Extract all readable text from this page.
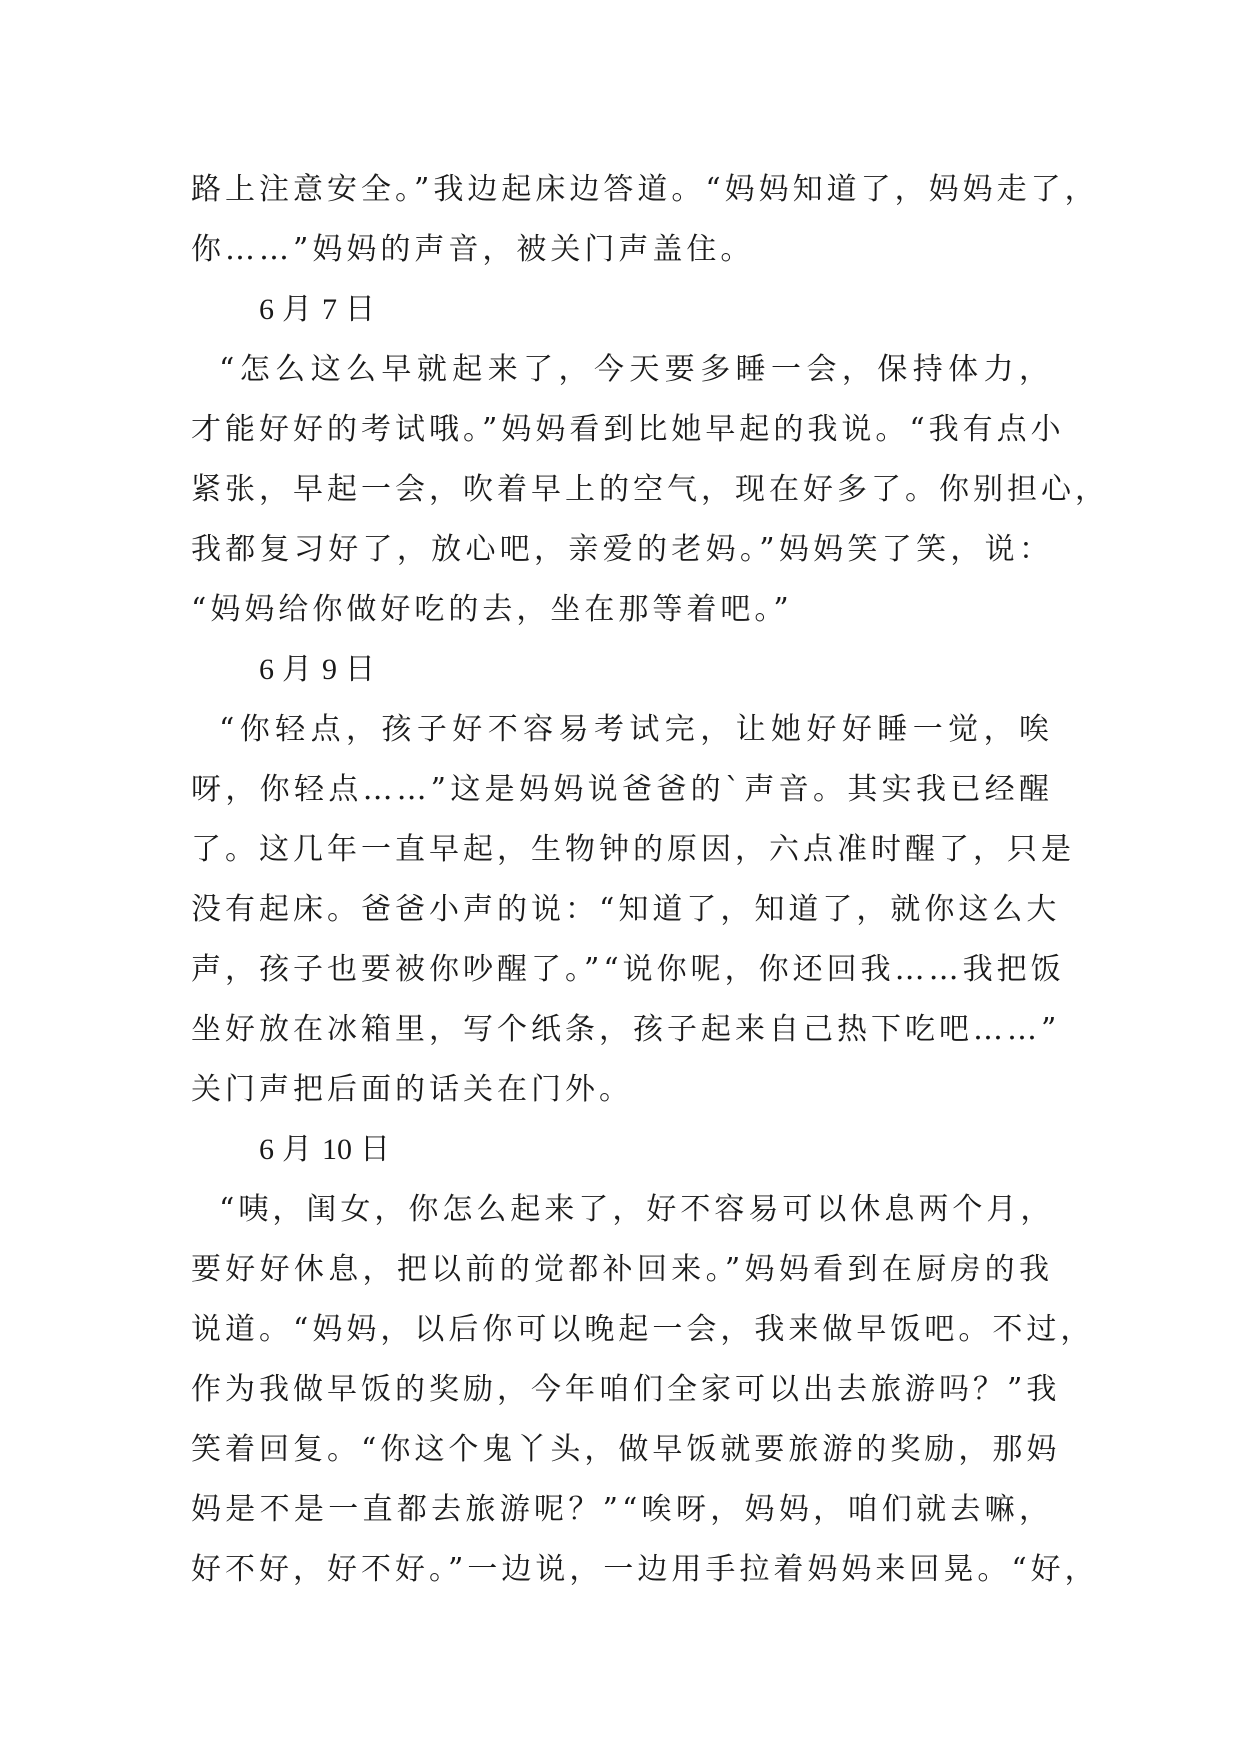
路上注意安全。”我边起床边答道。“妈妈知道了，妈妈走了，
你……”妈妈的声音，被关门声盖住。
6 月 7 日
“怎么这么早就起来了，今天要多睡一会，保持体力，
才能好好的考试哦。”妈妈看到比她早起的我说。“我有点小
紧张，早起一会，吹着早上的空气，现在好多了。你别担心，
我都复习好了，放心吧，亲爱的老妈。”妈妈笑了笑，说：
“妈妈给你做好吃的去，坐在那等着吧。”
6 月 9 日
“你轻点，孩子好不容易考试完，让她好好睡一觉，唉
呀，你轻点……”这是妈妈说爸爸的`声音。其实我已经醒
了。这几年一直早起，生物钟的原因，六点准时醒了，只是
没有起床。爸爸小声的说：“知道了，知道了，就你这么大
声，孩子也要被你吵醒了。”“说你呢，你还回我……我把饭
坐好放在冰箱里，写个纸条，孩子起来自己热下吃吧……”
关门声把后面的话关在门外。
6 月 10 日
“咦，闺女，你怎么起来了，好不容易可以休息两个月，
要好好休息，把以前的觉都补回来。”妈妈看到在厨房的我
说道。“妈妈，以后你可以晚起一会，我来做早饭吧。不过，
作为我做早饭的奖励，今年咱们全家可以出去旅游吗？”我
笑着回复。“你这个鬼丫头，做早饭就要旅游的奖励，那妈
妈是不是一直都去旅游呢？”“唉呀，妈妈，咱们就去嘛，
好不好，好不好。”一边说，一边用手拉着妈妈来回晃。“好，
